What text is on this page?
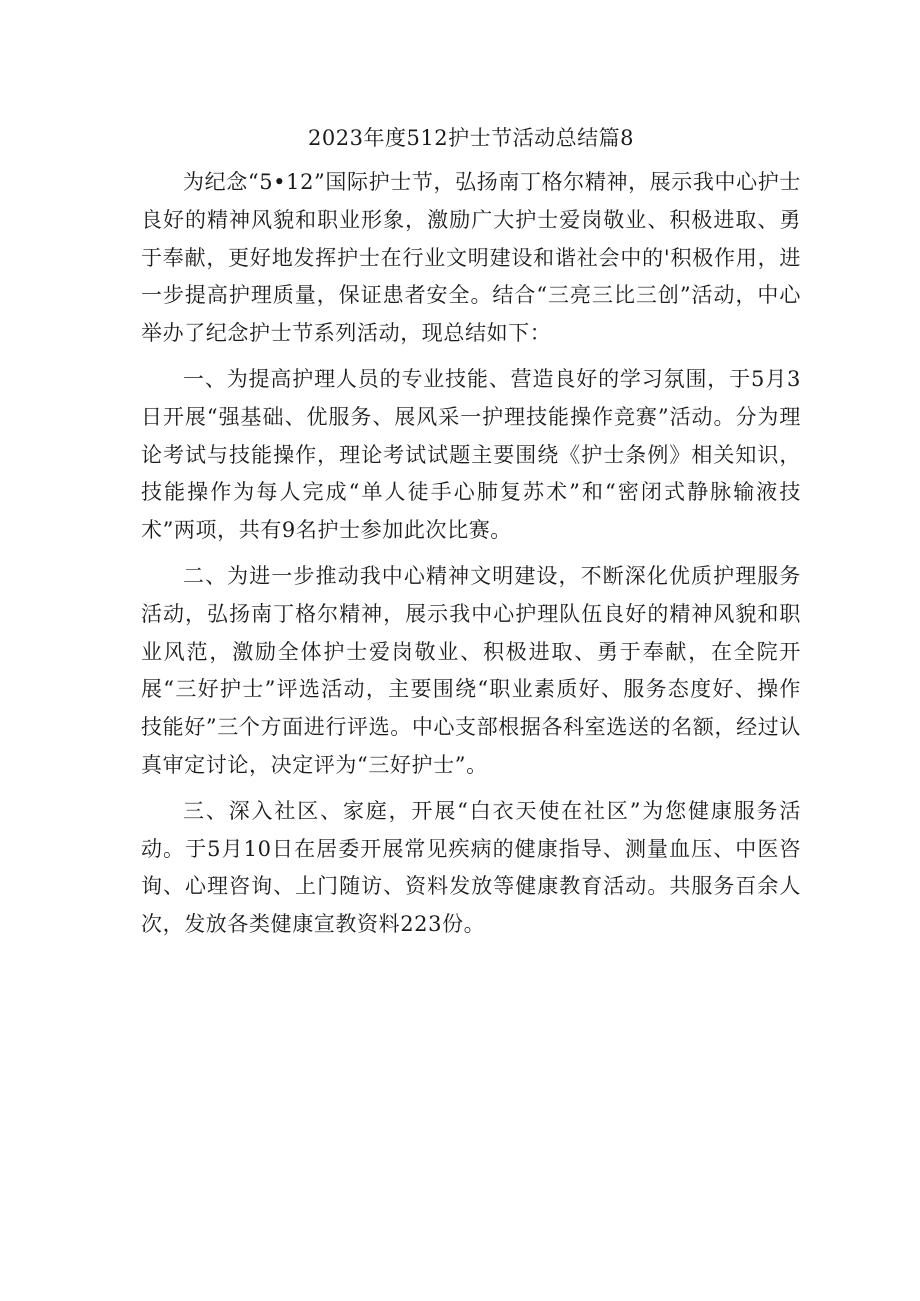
2023年度512护士节活动总结篇8

为纪念“5•12”国际护士节，弘扬南丁格尔精神，展示我中心护士良好的精神风貌和职业形象，激励广大护士爱岗敬业、积极进取、勇于奉献，更好地发挥护士在行业文明建设和谐社会中的'积极作用，进一步提高护理质量，保证患者安全。结合“三亮三比三创”活动，中心举办了纪念护士节系列活动，现总结如下：

一、为提高护理人员的专业技能、营造良好的学习氛围，于5月3日开展“强基础、优服务、展风采一护理技能操作竞赛”活动。分为理论考试与技能操作，理论考试试题主要围绕《护士条例》相关知识，技能操作为每人完成“单人徒手心肺复苏术”和“密闭式静脉输液技术”两项，共有9名护士参加此次比赛。

二、为进一步推动我中心精神文明建设，不断深化优质护理服务活动，弘扬南丁格尔精神，展示我中心护理队伍良好的精神风貌和职业风范，激励全体护士爱岗敬业、积极进取、勇于奉献，在全院开展“三好护士”评选活动，主要围绕“职业素质好、服务态度好、操作技能好”三个方面进行评选。中心支部根据各科室选送的名额，经过认真审定讨论，决定评为“三好护士”。

三、深入社区、家庭，开展“白衣天使在社区”为您健康服务活动。于5月10日在居委开展常见疾病的健康指导、测量血压、中医咨询、心理咨询、上门随访、资料发放等健康教育活动。共服务百余人次，发放各类健康宣教资料223份。
